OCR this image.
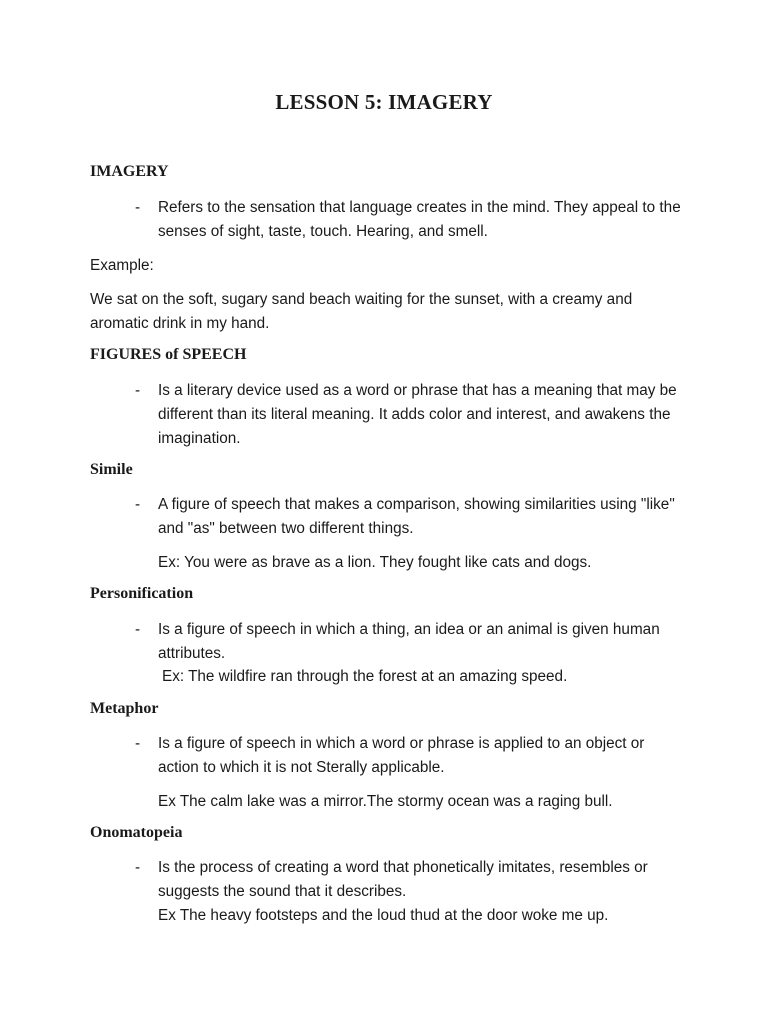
LESSON 5: IMAGERY
IMAGERY
- Refers to the sensation that language creates in the mind. They appeal to the senses of sight, taste, touch. Hearing, and smell.
Example:
We sat on the soft, sugary sand beach waiting for the sunset, with a creamy and aromatic drink in my hand.
FIGURES of SPEECH
- Is a literary device used as a word or phrase that has a meaning that may be different than its literal meaning. It adds color and interest, and awakens the imagination.
Simile
- A figure of speech that makes a comparison, showing similarities using "like" and "as" between two different things.
Ex: You were as brave as a lion. They fought like cats and dogs.
Personification
- Is a figure of speech in which a thing, an idea or an animal is given human attributes.
Ex: The wildfire ran through the forest at an amazing speed.
Metaphor
- Is a figure of speech in which a word or phrase is applied to an object or action to which it is not Sterally applicable.
Ex The calm lake was a mirror.The stormy ocean was a raging bull.
Onomatopeia
- Is the process of creating a word that phonetically imitates, resembles or suggests the sound that it describes.
Ex The heavy footsteps and the loud thud at the door woke me up.
